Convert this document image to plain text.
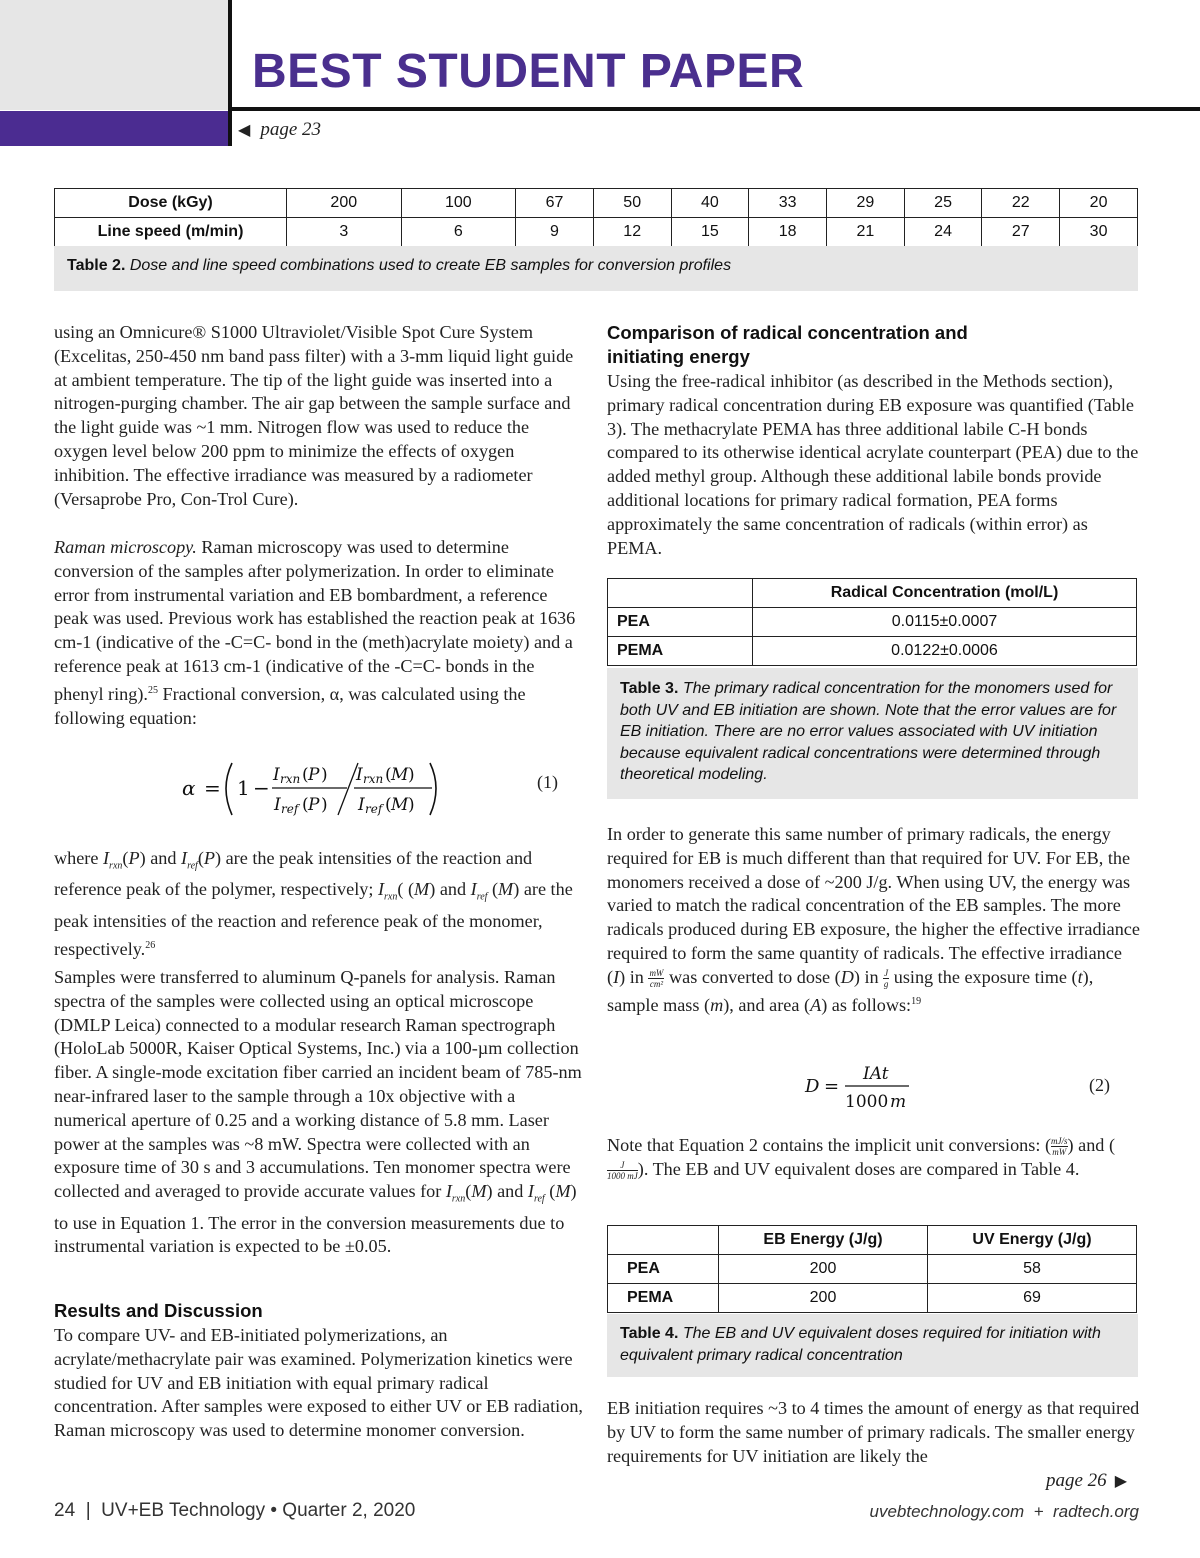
BEST STUDENT PAPER
◀ page 23
Dose (kGy)	200	100	67	50	40	33	29	25	22	20
Line speed (m/min)	3	6	9	12	15	18	21	24	27	30
Table 2. Dose and line speed combinations used to create EB samples for conversion profiles
using an Omnicure® S1000 Ultraviolet/Visible Spot Cure System (Excelitas, 250-450 nm band pass filter) with a 3-mm liquid light guide at ambient temperature. The tip of the light guide was inserted into a nitrogen-purging chamber. The air gap between the sample surface and the light guide was ~1 mm. Nitrogen flow was used to reduce the oxygen level below 200 ppm to minimize the effects of oxygen inhibition. The effective irradiance was measured by a radiometer (Versaprobe Pro, Con-Trol Cure).
Raman microscopy. Raman microscopy was used to determine conversion of the samples after polymerization. In order to eliminate error from instrumental variation and EB bombardment, a reference peak was used. Previous work has established the reaction peak at 1636 cm-1 (indicative of the -C=C- bond in the (meth)acrylate moiety) and a reference peak at 1613 cm-1 (indicative of the -C=C- bonds in the phenyl ring).$^{25}$ Fractional conversion, α, was calculated using the following equation:
α = 1 −
I rxn ( P )
I ref ( P )
I rxn ( M )
I ref ( M )
(1)
where $I_{rxn}(P)$ and $I_{ref}(P)$ are the peak intensities of the reaction and reference peak of the polymer, respectively; $I_{rxn}$( (M) and $I_{ref}$ (M) are the peak intensities of the reaction and reference peak of the monomer, respectively.$^{26}$
Samples were transferred to aluminum Q-panels for analysis. Raman spectra of the samples were collected using an optical microscope (DMLP Leica) connected to a modular research Raman spectrograph (HoloLab 5000R, Kaiser Optical Systems, Inc.) via a 100-µm collection fiber. A single-mode excitation fiber carried an incident beam of 785-nm near-infrared laser to the sample through a 10x objective with a numerical aperture of 0.25 and a working distance of 5.8 mm. Laser power at the samples was ~8 mW. Spectra were collected with an exposure time of 30 s and 3 accumulations. Ten monomer spectra were collected and averaged to provide accurate values for $I_{rxn}(M)$ and $I_{ref}$ (M) to use in Equation 1. The error in the conversion measurements due to instrumental variation is expected to be ±0.05.
Results and Discussion
To compare UV- and EB-initiated polymerizations, an acrylate/methacrylate pair was examined. Polymerization kinetics were studied for UV and EB initiation with equal primary radical concentration. After samples were exposed to either UV or EB radiation, Raman microscopy was used to determine monomer conversion.
Comparison of radical concentration and initiating energy
Using the free-radical inhibitor (as described in the Methods section), primary radical concentration during EB exposure was quantified (Table 3). The methacrylate PEMA has three additional labile C-H bonds compared to its otherwise identical acrylate counterpart (PEA) due to the added methyl group. Although these additional labile bonds provide additional locations for primary radical formation, PEA forms approximately the same concentration of radicals (within error) as PEMA.
	Radical Concentration (mol/L)
PEA	0.0115±0.0007
PEMA	0.0122±0.0006
Table 3. The primary radical concentration for the monomers used for both UV and EB initiation are shown. Note that the error values are for EB initiation. There are no error values associated with UV initiation because equivalent radical concentrations were determined through theoretical modeling.
In order to generate this same number of primary radicals, the energy required for EB is much different than that required for UV. For EB, the monomers received a dose of ~200 J/g. When using UV, the energy was varied to match the radical concentration of the EB samples. The more radicals produced during EB exposure, the higher the effective irradiance required to form the same quantity of radicals. The effective irradiance (I) in $\frac{mW}{\text{cm²}}$ was converted to dose (D) in $\frac{J}{g}$ using the exposure time (t), sample mass (m), and area (A) as follows:$^{19}$
D =
IAt
1000 m
(2)
Note that Equation 2 contains the implicit unit conversions: ( $\frac{mJ/s}{mW}$ ) and (
$\frac{J}{1000 mJ}$ ). The EB and UV equivalent doses are compared in Table 4.
	EB Energy (J/g)	UV Energy (J/g)
PEA	200	58
PEMA	200	69
Table 4. The EB and UV equivalent doses required for initiation with equivalent primary radical concentration
EB initiation requires ~3 to 4 times the amount of energy as that required by UV to form the same number of primary radicals. The smaller energy requirements for UV initiation are likely the
page 26 ▶
24  |  UV+EB Technology • Quarter 2, 2020	uvebtechnology.com  +  radtech.org
